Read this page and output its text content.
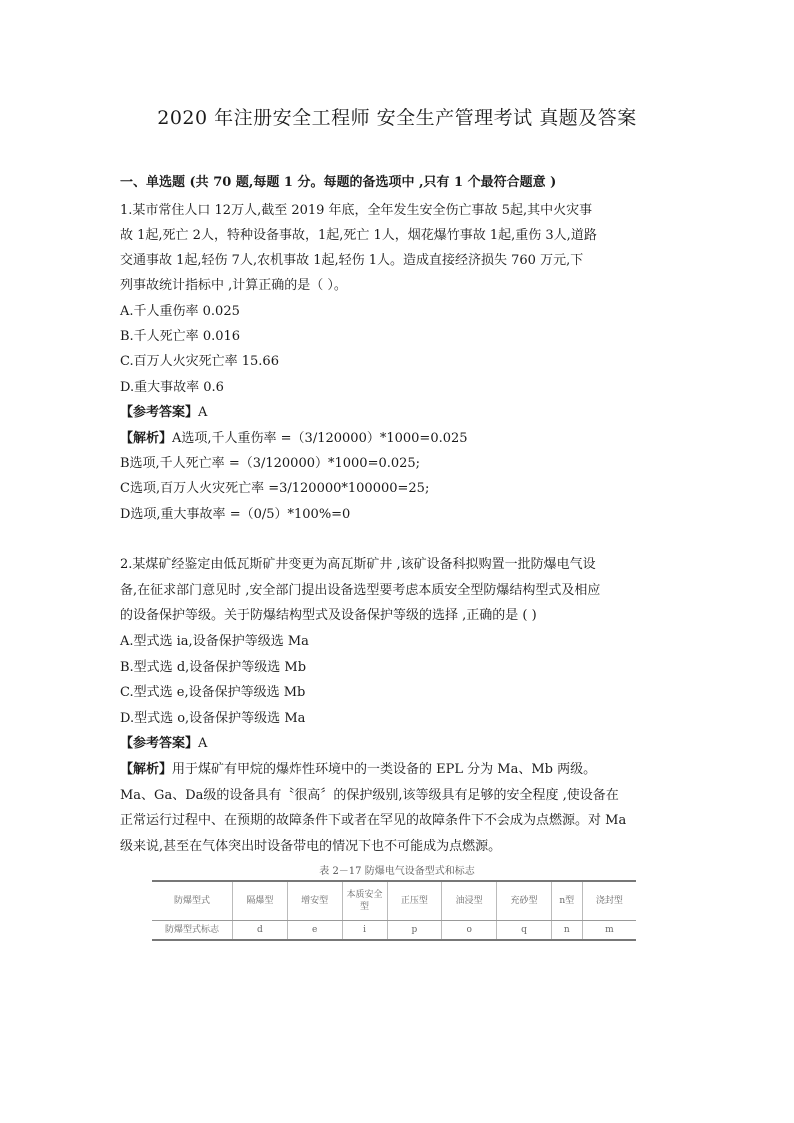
2020 年注册安全工程师 安全生产管理考试 真题及答案
一、单选题 (共 70 题,每题 1 分。每题的备选项中 ,只有 1 个最符合题意 )
1.某市常住人口 12万人,截至 2019 年底，全年发生安全伤亡事故 5起,其中火灾事
故 1起,死亡 2人，特种设备事故，1起,死亡 1人，烟花爆竹事故 1起,重伤 3人,道路
交通事故 1起,轻伤 7人,农机事故 1起,轻伤 1人。造成直接经济损失 760 万元,下
列事故统计指标中 ,计算正确的是（ ）。
A.千人重伤率 0.025
B.千人死亡率 0.016
C.百万人火灾死亡率 15.66
D.重大事故率 0.6
【参考答案】A
【解析】A选项,千人重伤率 =（3/120000）*1000=0.025
B选项,千人死亡率 =（3/120000）*1000=0.025;
C选项,百万人火灾死亡率 =3/120000*100000=25;
D选项,重大事故率 =（0/5）*100%=0
2.某煤矿经鉴定由低瓦斯矿井变更为高瓦斯矿井 ,该矿设备科拟购置一批防爆电气设
备,在征求部门意见时 ,安全部门提出设备选型要考虑本质安全型防爆结构型式及相应
的设备保护等级。关于防爆结构型式及设备保护等级的选择 ,正确的是 ( )
A.型式选 ia,设备保护等级选 Ma
B.型式选 d,设备保护等级选 Mb
C.型式选 e,设备保护等级选 Mb
D.型式选 o,设备保护等级选 Ma
【参考答案】A
【解析】用于煤矿有甲烷的爆炸性环境中的一类设备的 EPL 分为 Ma、Mb 两级。
Ma、Ga、Da级的设备具有〝很高〞的保护级别,该等级具有足够的安全程度 ,使设备在
正常运行过程中、在预期的故障条件下或者在罕见的故障条件下不会成为点燃源。对 Ma
级来说,甚至在气体突出时设备带电的情况下也不可能成为点燃源。
表 2－17 防爆电气设备型式和标志
防爆型式	隔爆型	增安型	本质安全型	正压型	油浸型	充砂型	n型	浇封型
防爆型式标志	d	e	i	p	o	q	n	m
